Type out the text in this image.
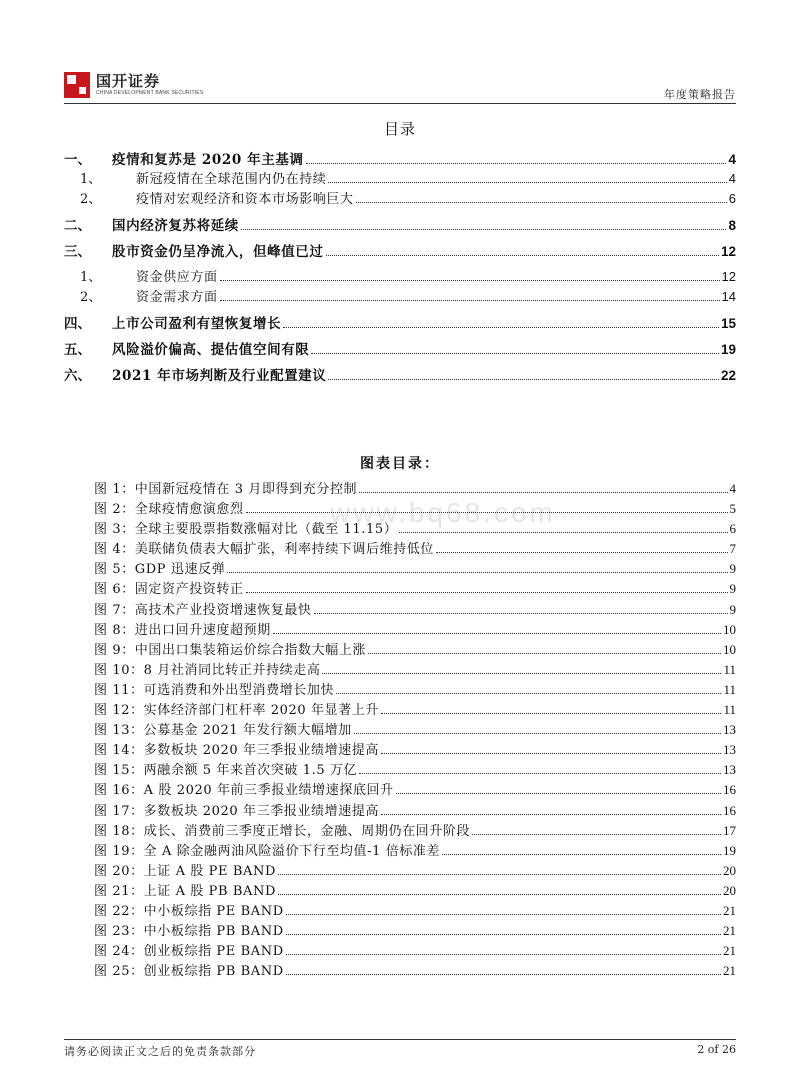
国开证券
CHINA DEVELOPMENT BANK SECURITIES	年度策略报告
目录
一、	疫情和复苏是 2020 年主基调	4
1、	新冠疫情在全球范围内仍在持续	4
2、	疫情对宏观经济和资本市场影响巨大	6
二、	国内经济复苏将延续	8
三、	股市资金仍呈净流入，但峰值已过	12
1、	资金供应方面	12
2、	资金需求方面	14
四、	上市公司盈利有望恢复增长	15
五、	风险溢价偏高、提估值空间有限	19
六、	2021 年市场判断及行业配置建议	22
图表目录：
图 1：中国新冠疫情在 3 月即得到充分控制	4
图 2：全球疫情愈演愈烈	5
图 3：全球主要股票指数涨幅对比（截至 11.15）	6
图 4：美联储负债表大幅扩张，利率持续下调后维持低位	7
图 5：GDP 迅速反弹	9
图 6：固定资产投资转正	9
图 7：高技术产业投资增速恢复最快	9
图 8：进出口回升速度超预期	10
图 9：中国出口集装箱运价综合指数大幅上涨	10
图 10：8 月社消同比转正并持续走高	11
图 11：可选消费和外出型消费增长加快	11
图 12：实体经济部门杠杆率 2020 年显著上升	11
图 13：公募基金 2021 年发行额大幅增加	13
图 14：多数板块 2020 年三季报业绩增速提高	13
图 15：两融余额 5 年来首次突破 1.5 万亿	13
图 16：A 股 2020 年前三季报业绩增速探底回升	16
图 17：多数板块 2020 年三季报业绩增速提高	16
图 18：成长、消费前三季度正增长，金融、周期仍在回升阶段	17
图 19：全 A 除金融两油风险溢价下行至均值-1 倍标准差	19
图 20：上证 A 股 PE BAND	20
图 21：上证 A 股 PB BAND	20
图 22：中小板综指 PE BAND	21
图 23：中小板综指 PB BAND	21
图 24：创业板综指 PE BAND	21
图 25：创业板综指 PB BAND	21
www.bq68.com
请务必阅读正文之后的免责条款部分	2 of 26
